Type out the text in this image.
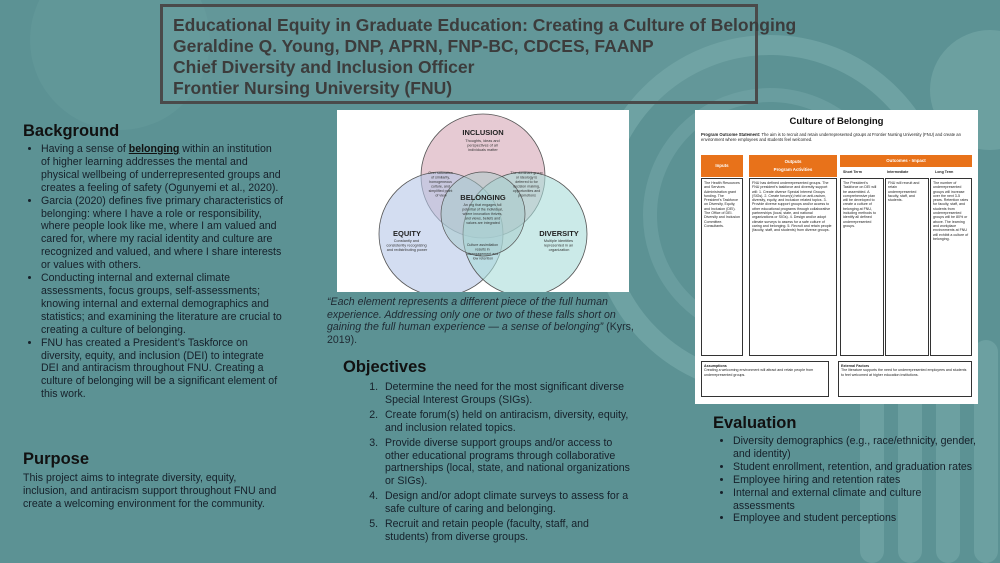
Educational Equity in Graduate Education: Creating a Culture of Belonging
Geraldine Q. Young, DNP, APRN, FNP-BC, CDCES, FAANP
Chief Diversity and Inclusion Officer
Frontier Nursing University (FNU)
Background
• Having a sense of belonging within an institution of higher learning addresses the mental and physical wellbeing of underrepresented groups and creates a feeling of safety (Ogunyemi et al., 2020).
• Garcia (2020) defines five primary characteristics of belonging: where I have a role or responsibility, where people look like me, where I am valued and cared for, where my racial identity and culture are recognized and valued, and where I share interests or values with others.
• Conducting internal and external climate assessments, focus groups, self-assessments; knowing internal and external demographics and statistics; and examining the literature are crucial to creating a culture of belonging.
• FNU has created a President’s Taskforce on diversity, equity, and inclusion (DEI) to integrate DEI and antiracism throughout FNU. Creating a culture of belonging will be a significant element of this work.
Purpose

This project aims to integrate diversity, equity, inclusion, and antiracism support throughout FNU and create a welcoming environment for the community.

INCLUSION
Thoughts, ideas and perspectives of all individuals matter
Over saturation of similarity, homogeneous culture, and simplified point of view
The dominant group or ideology is deferred to for decision making, opportunities and promotions
BELONGING
An org that engages full potential of the individual, where innovation thrives, and views, beliefs and values are integrated
Culture assimilation results in disengagement and low retention
EQUITY
Constantly and consistently recognizing and redistributing power
DIVERSITY
Multiple identities represented in an organization
“Each element represents a different piece of the full human experience. Addressing only one or two of these falls short on gaining the full human experience — a sense of belonging” (Kyrs, 2019).
Objectives
1. Determine the need for the most significant diverse Special Interest Groups (SIGs).
2. Create forum(s) held on antiracism, diversity, equity, and inclusion related topics.
3. Provide diverse support groups and/or access to other educational programs through collaborative partnerships (local, state, and national organizations or SIGs).
4. Design and/or adopt climate surveys to assess for a safe culture of caring and belonging.
5. Recruit and retain people (faculty, staff, and students) from diverse groups.
Culture of Belonging
Program Outcome Statement: The aim is to recruit and retain underrepresented groups at Frontier Nursing University (FNU) and create an environment where employees and students feel welcomed.
Inputs
Outputs
Program Activities
Outcomes - Impact
Short Term	Intermediate	Long Term
The Health Resources and Services Administration grant funding. The President’s Taskforce on Diversity, Equity, and Inclusion (DEI). The Office of DEI. Diversity and Inclusion Committee. Consultants.
FNU has defined underrepresented groups. The FNU president’s taskforce and diversity support will: 1. Create diverse Special Interest Groups (SIGs). 2. Create forum(s) held on anti-racism, diversity, equity, and inclusion related topics. 3. Provide diverse support groups and/or access to other educational programs through collaborative partnerships (local, state, and national organizations or SIGs). 4. Design and/or adopt climate surveys to assess for a safe culture of caring and belonging. 5. Recruit and retain people (faculty, staff, and students) from diverse groups.
The President’s Taskforce on DEI will be assembled. A comprehensive plan will be developed to create a culture of belonging at FNU, including methods to identify all defined underrepresented groups.
FNU will recruit and retain underrepresented faculty, staff, and students.
The number of underrepresented groups will increase over the next 3-5 years. Retention rates for faculty, staff, and students from underrepresented groups will be 80% or above. The learning and workplace environments at FNU will exhibit a culture of belonging.
Assumptions
Creating a welcoming environment will attract and retain people from underrepresented groups.
External Factors
The literature supports the need for underrepresented employees and students to feel welcomed at higher education institutions.
Evaluation
• Diversity demographics (e.g., race/ethnicity, gender, and identity)
• Student enrollment, retention, and graduation rates
• Employee hiring and retention rates
• Internal and external climate and culture assessments
• Employee and student perceptions
